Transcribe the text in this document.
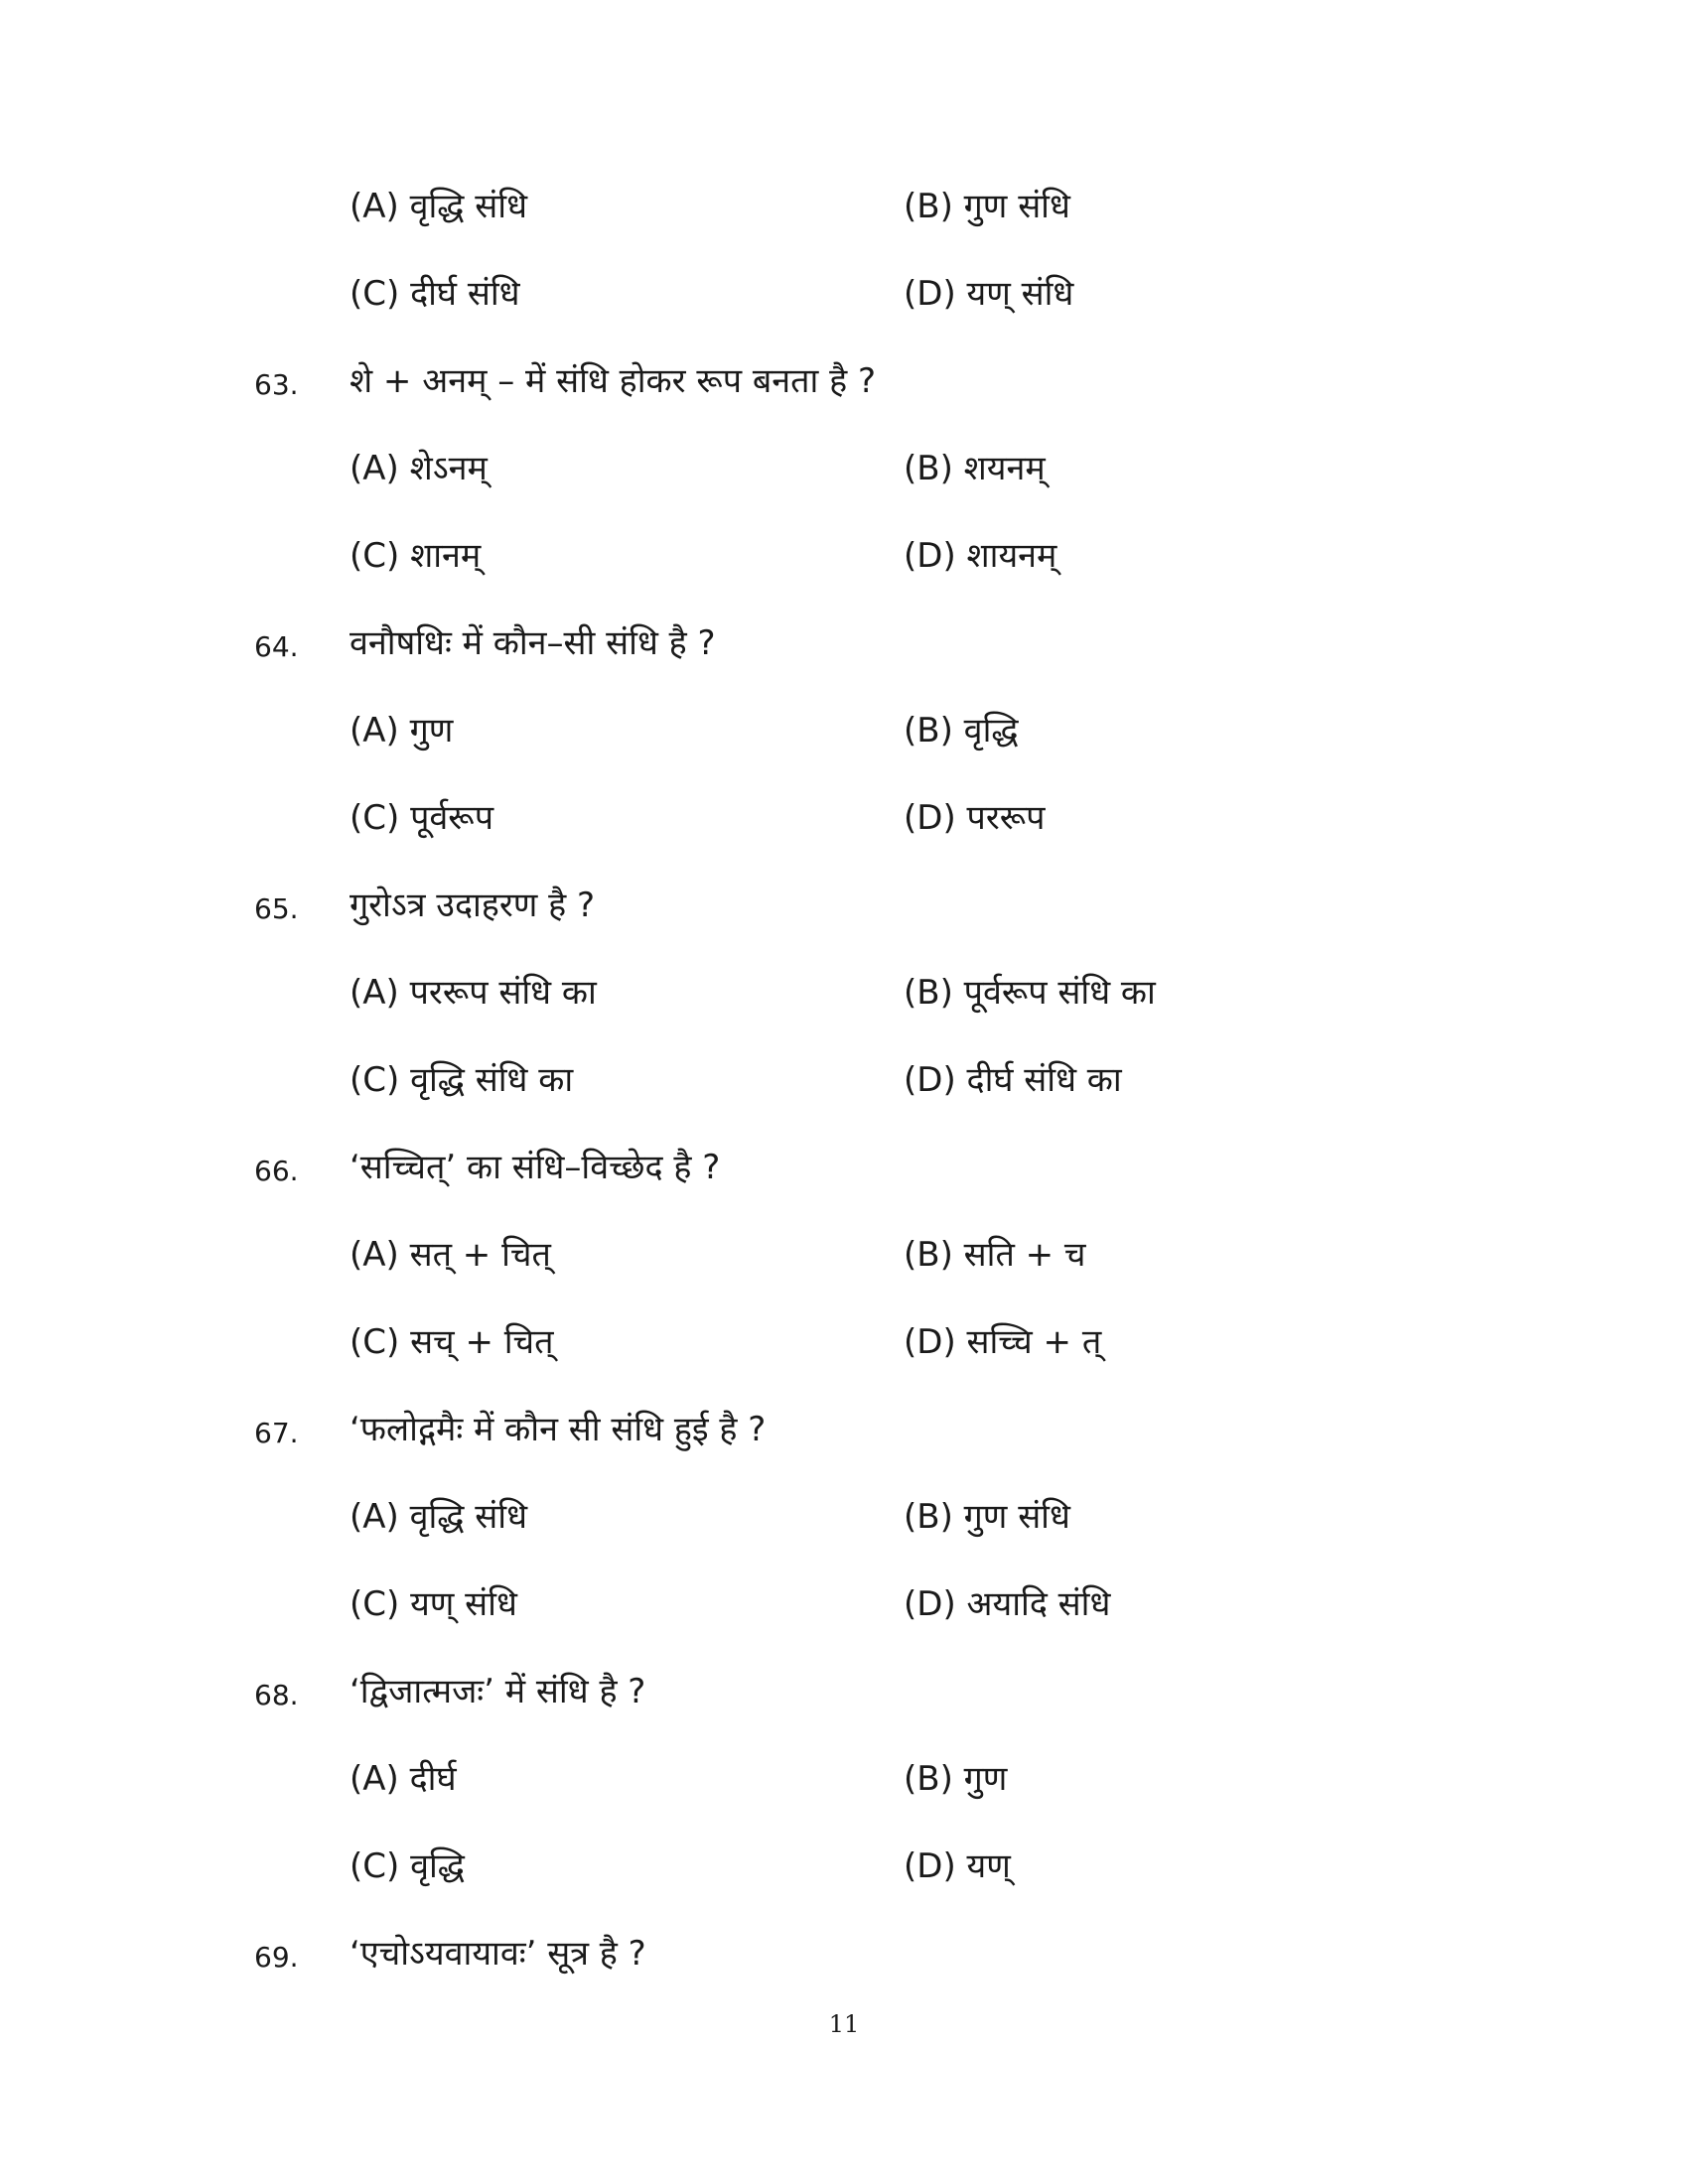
(A) वृद्धि संधि	(B) गुण संधि
(C) दीर्घ संधि	(D) यण् संधि
63. शे + अनम् – में संधि होकर रूप बनता है ?
(A) शेऽनम्	(B) शयनम्
(C) शानम्	(D) शायनम्
64. वनौषधिः में कौन–सी संधि है ?
(A) गुण	(B) वृद्धि
(C) पूर्वरूप	(D) पररूप
65. गुरोऽत्र उदाहरण है ?
(A) पररूप संधि का	(B) पूर्वरूप संधि का
(C) वृद्धि संधि का	(D) दीर्घ संधि का
66. ‘सच्चित्’ का संधि–विच्छेद है ?
(A) सत् + चित्	(B) सति + च
(C) सच् + चित्	(D) सच्चि + त्
67. ‘फलोद्गमैः में कौन सी संधि हुई है ?
(A) वृद्धि संधि	(B) गुण संधि
(C) यण् संधि	(D) अयादि संधि
68. ‘द्विजात्मजः’ में संधि है ?
(A) दीर्घ	(B) गुण
(C) वृद्धि	(D) यण्
69. ‘एचोऽयवायावः’ सूत्र है ?
11
